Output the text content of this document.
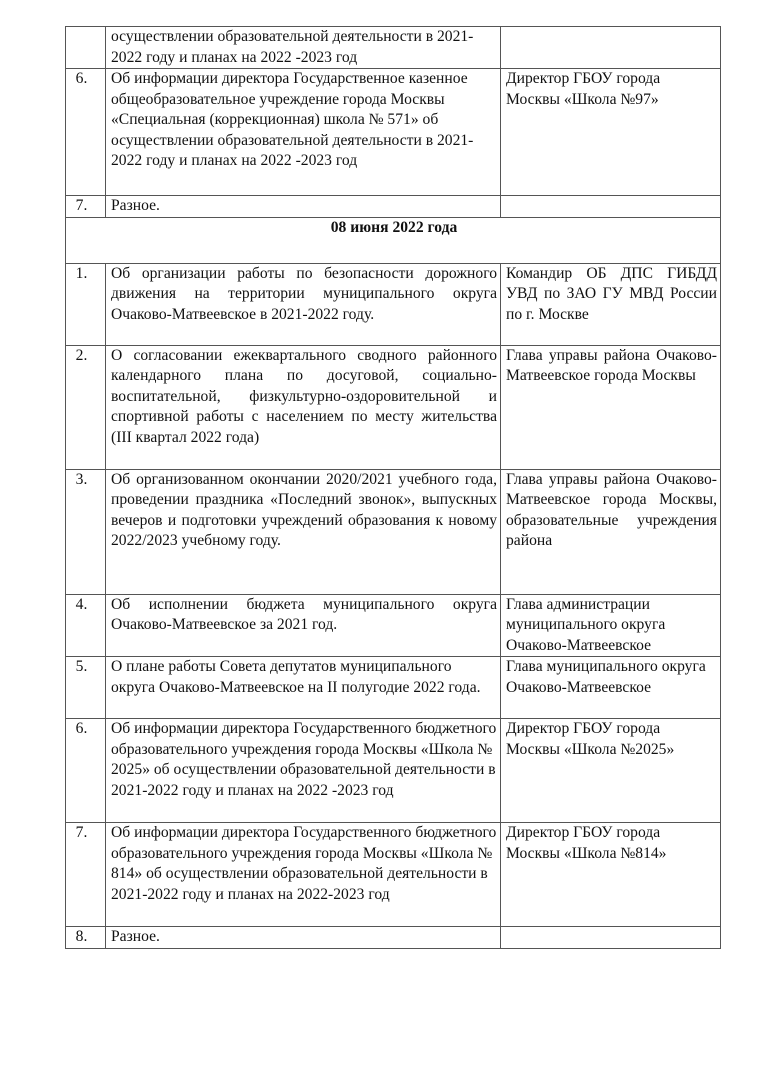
	осуществлении образовательной деятельности в 2021-2022 году и планах на 2022 -2023 год	
6.	Об информации директора Государственное казенное общеобразовательное учреждение города Москвы «Специальная (коррекционная) школа № 571» об осуществлении образовательной деятельности в 2021-2022 году и планах на 2022 -2023 год	Директор ГБОУ города Москвы «Школа №97»
7.	Разное.	
08 июня 2022 года		
1.	Об организации работы по безопасности дорожного движения на территории муниципального округа Очаково-Матвеевское в 2021-2022 году.	Командир ОБ ДПС ГИБДД УВД по ЗАО ГУ МВД России по г. Москве
2.	О согласовании ежеквартального сводного районного календарного плана по досуговой, социально-воспитательной, физкультурно-оздоровительной и спортивной работы с населением по месту жительства (III квартал 2022 года)	Глава управы района Очаково-Матвеевское города Москвы
3.	Об организованном окончании 2020/2021 учебного года, проведении праздника «Последний звонок», выпускных вечеров и подготовки учреждений образования к новому 2022/2023 учебному году.	Глава управы района Очаково-Матвеевское города Москвы, образовательные учреждения района
4.	Об исполнении бюджета муниципального округа Очаково-Матвеевское за 2021 год.	Глава администрации муниципального округа Очаково-Матвеевское
5.	О плане работы Совета депутатов муниципального округа Очаково-Матвеевское на II полугодие 2022 года.	Глава муниципального округа Очаково-Матвеевское
6.	Об информации директора Государственного бюджетного образовательного учреждения города Москвы «Школа № 2025» об осуществлении образовательной деятельности в 2021-2022 году и планах на 2022 -2023 год	Директор ГБОУ города Москвы «Школа №2025»
7.	Об информации директора Государственного бюджетного образовательного учреждения города Москвы «Школа № 814» об осуществлении образовательной деятельности в 2021-2022 году и планах на 2022-2023 год	Директор ГБОУ города Москвы «Школа №814»
8.	Разное.	
